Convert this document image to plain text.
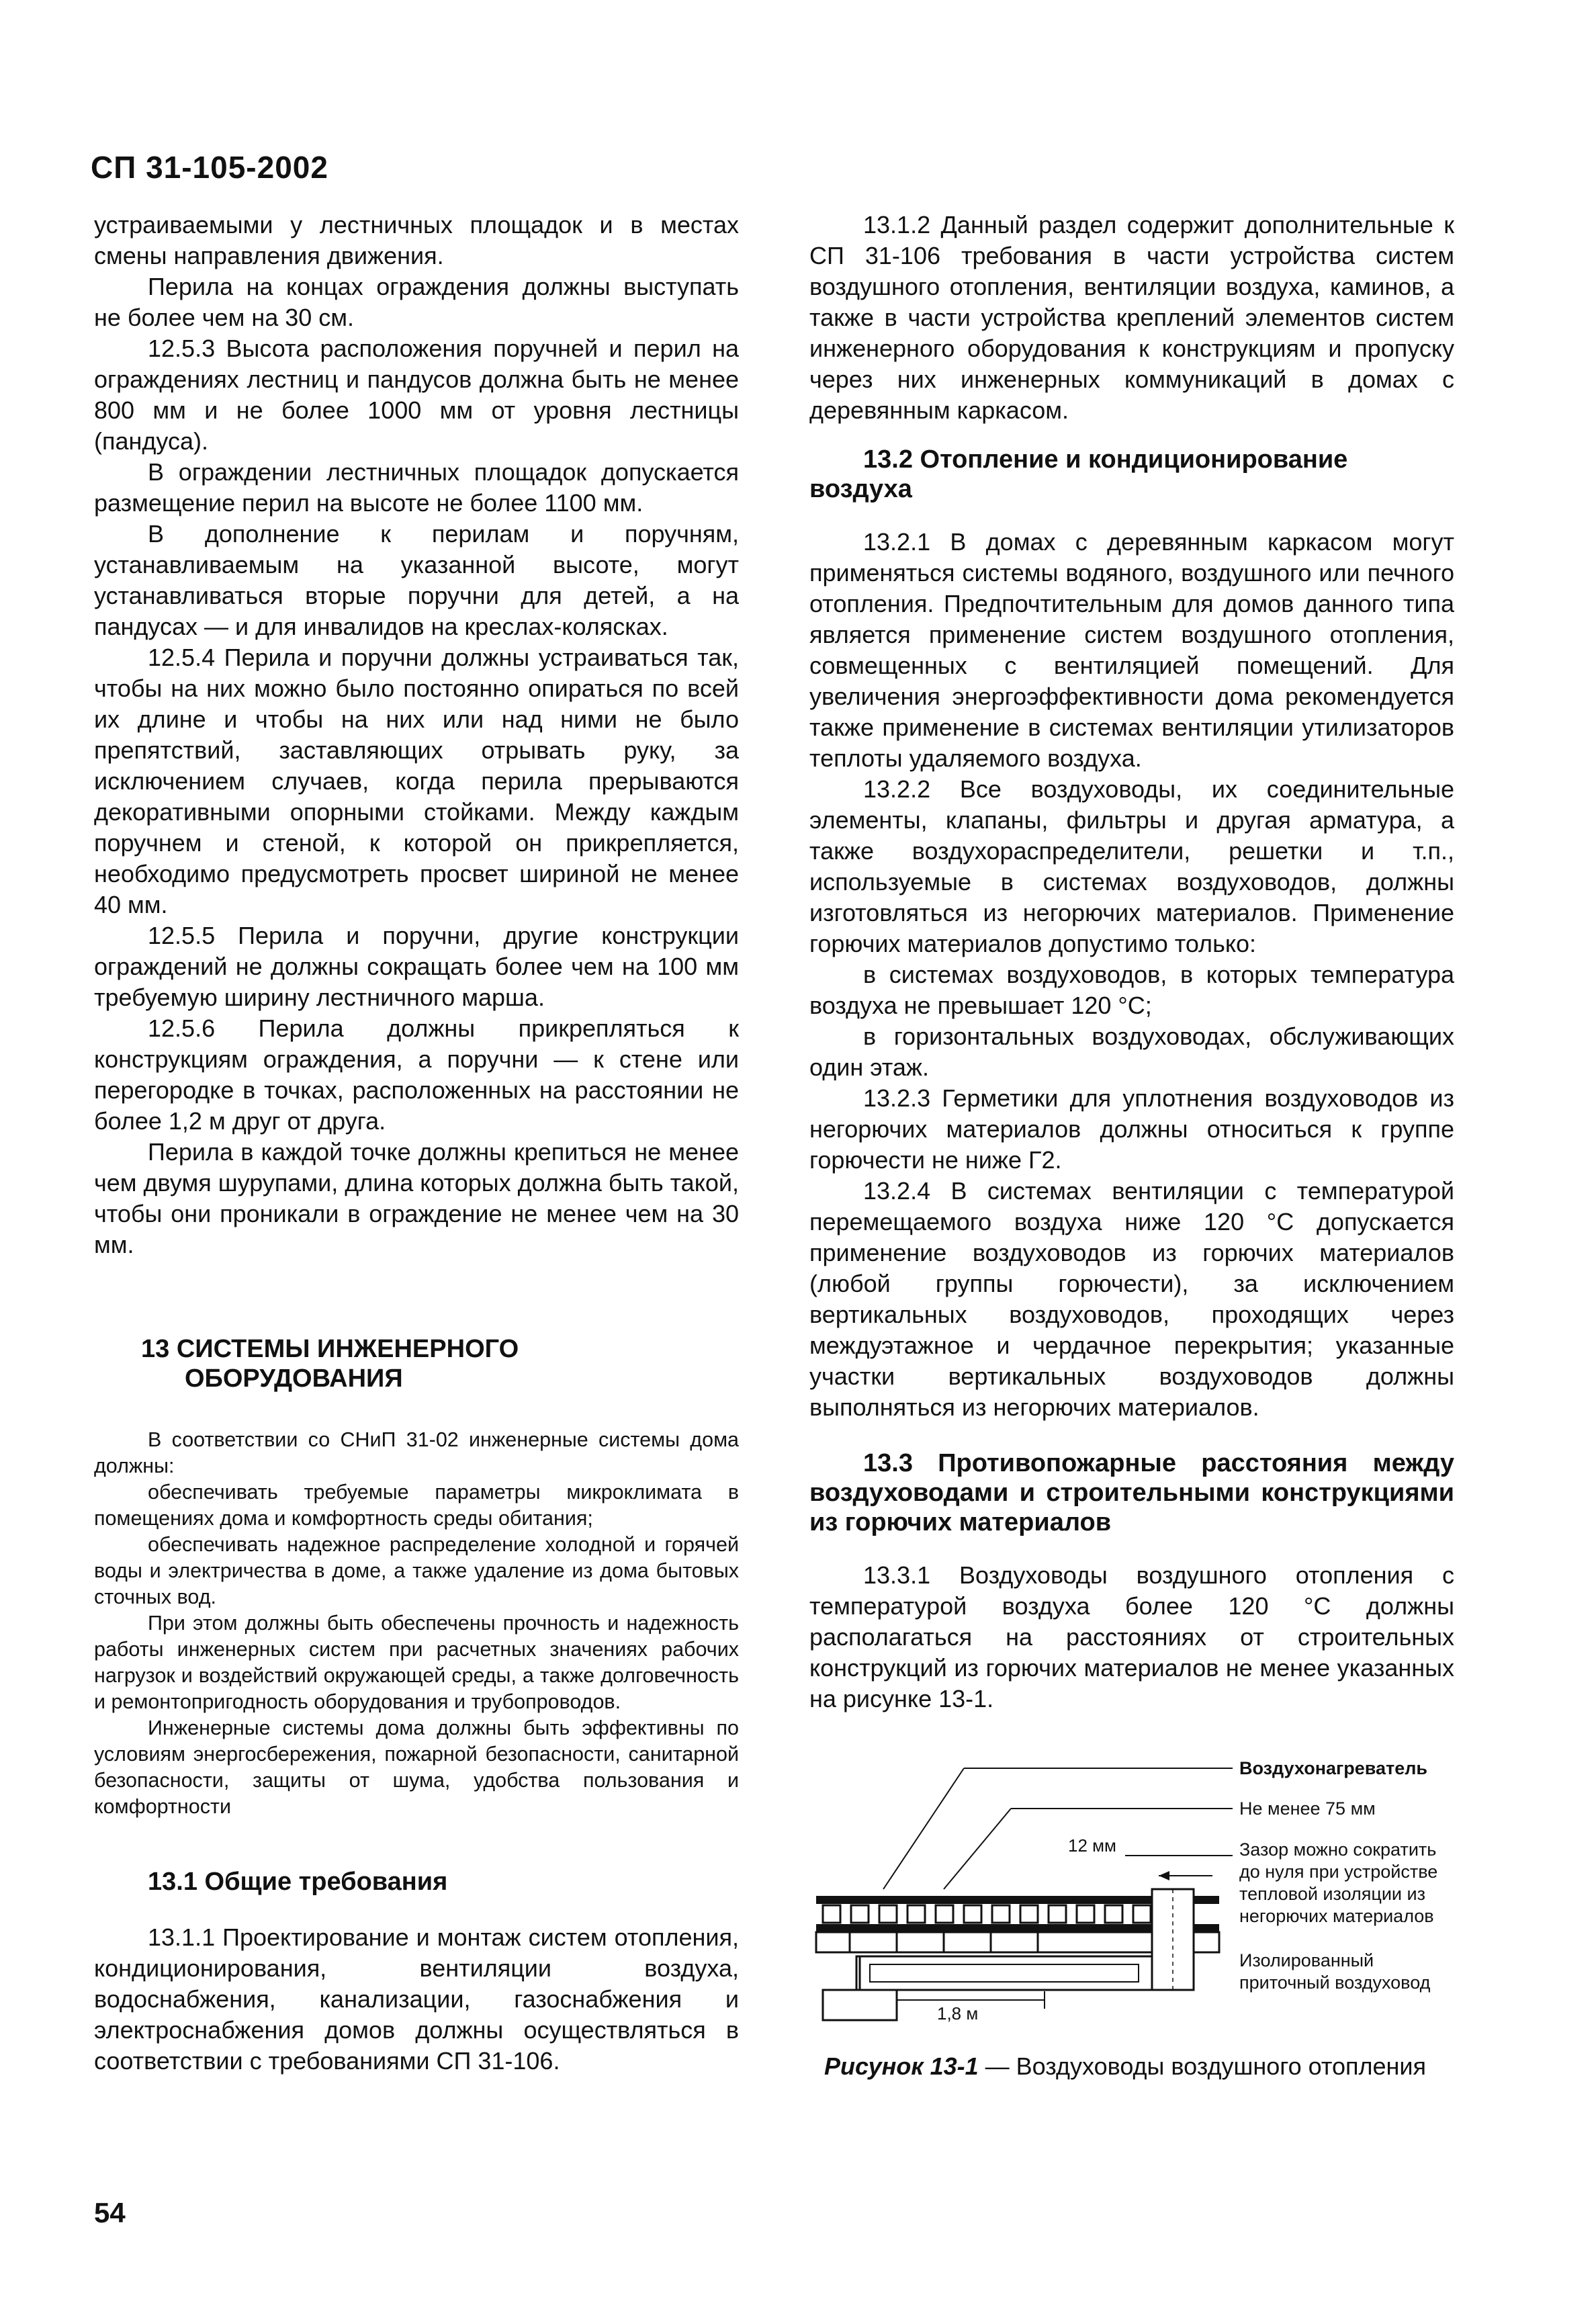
СП 31-105-2002

устраиваемыми у лестничных площадок и в местах смены направления движения.

Перила на концах ограждения должны выступать не более чем на 30 см.

12.5.3 Высота расположения поручней и перил на ограждениях лестниц и пандусов должна быть не менее 800 мм и не более 1000 мм от уровня лестницы (пандуса).

В ограждении лестничных площадок допускается размещение перил на высоте не более 1100 мм.

В дополнение к перилам и поручням, устанавливаемым на указанной высоте, могут устанавливаться вторые поручни для детей, а на пандусах — и для инвалидов на креслах-колясках.

12.5.4 Перила и поручни должны устраиваться так, чтобы на них можно было постоянно опираться по всей их длине и чтобы на них или над ними не было препятствий, заставляющих отрывать руку, за исключением случаев, когда перила прерываются декоративными опорными стойками. Между каждым поручнем и стеной, к которой он прикрепляется, необходимо предусмотреть просвет шириной не менее 40 мм.

12.5.5 Перила и поручни, другие конструкции ограждений не должны сокращать более чем на 100 мм требуемую ширину лестничного марша.

12.5.6 Перила должны прикрепляться к конструкциям ограждения, а поручни — к стене или перегородке в точках, расположенных на расстоянии не более 1,2 м друг от друга.

Перила в каждой точке должны крепиться не менее чем двумя шурупами, длина которых должна быть такой, чтобы они проникали в ограждение не менее чем на 30 мм.

13 СИСТЕМЫ ИНЖЕНЕРНОГО
ОБОРУДОВАНИЯ

В соответствии со СНиП 31-02 инженерные системы дома должны:

обеспечивать требуемые параметры микроклимата в помещениях дома и комфортность среды обитания;

обеспечивать надежное распределение холодной и горячей воды и электричества в доме, а также удаление из дома бытовых сточных вод.

При этом должны быть обеспечены прочность и надежность работы инженерных систем при расчетных значениях рабочих нагрузок и воздействий окружающей среды, а также долговечность и ремонтопригодность оборудования и трубопроводов.

Инженерные системы дома должны быть эффективны по условиям энергосбережения, пожарной безопасности, санитарной безопасности, защиты от шума, удобства пользования и комфортности

13.1 Общие требования

13.1.1 Проектирование и монтаж систем отопления, кондиционирования, вентиляции воздуха, водоснабжения, канализации, газоснабжения и электроснабжения домов должны осуществляться в соответствии с требованиями СП 31-106.

13.1.2 Данный раздел содержит дополнительные к СП 31-106 требования в части устройства систем воздушного отопления, вентиляции воздуха, каминов, а также в части устройства креплений элементов систем инженерного оборудования к конструкциям и пропуску через них инженерных коммуникаций в домах с деревянным каркасом.

13.2 Отопление и кондиционирование воздуха

13.2.1 В домах с деревянным каркасом могут применяться системы водяного, воздушного или печного отопления. Предпочтительным для домов данного типа является применение систем воздушного отопления, совмещенных с вентиляцией помещений. Для увеличения энергоэффективности дома рекомендуется также применение в системах вентиляции утилизаторов теплоты удаляемого воздуха.

13.2.2 Все воздуховоды, их соединительные элементы, клапаны, фильтры и другая арматура, а также воздухораспределители, решетки и т.п., используемые в системах воздуховодов, должны изготовляться из негорючих материалов. Применение горючих материалов допустимо только:

в системах воздуховодов, в которых температура воздуха не превышает 120 °С;

в горизонтальных воздуховодах, обслуживающих один этаж.

13.2.3 Герметики для уплотнения воздуховодов из негорючих материалов должны относиться к группе горючести не ниже Г2.

13.2.4 В системах вентиляции с температурой перемещаемого воздуха ниже 120 °С допускается применение воздуховодов из горючих материалов (любой группы горючести), за исключением вертикальных воздуховодов, проходящих через междуэтажное и чердачное перекрытия; указанные участки вертикальных воздуховодов должны выполняться из негорючих материалов.

13.3 Противопожарные расстояния между воздуховодами и строительными конструкциями из горючих материалов

13.3.1 Воздуховоды воздушного отопления с температурой воздуха более 120 °С должны располагаться на расстояниях от строительных конструкций из горючих материалов не менее указанных на рисунке 13-1.

12 мм
1,8 м
Воздухонагреватель
Не менее 75 мм
Зазор можно сократить до нуля при устройстве тепловой изоляции из негорючих материалов
Изолированный приточный воздуховод
Рисунок 13-1 — Воздуховоды воздушного отопления
54
